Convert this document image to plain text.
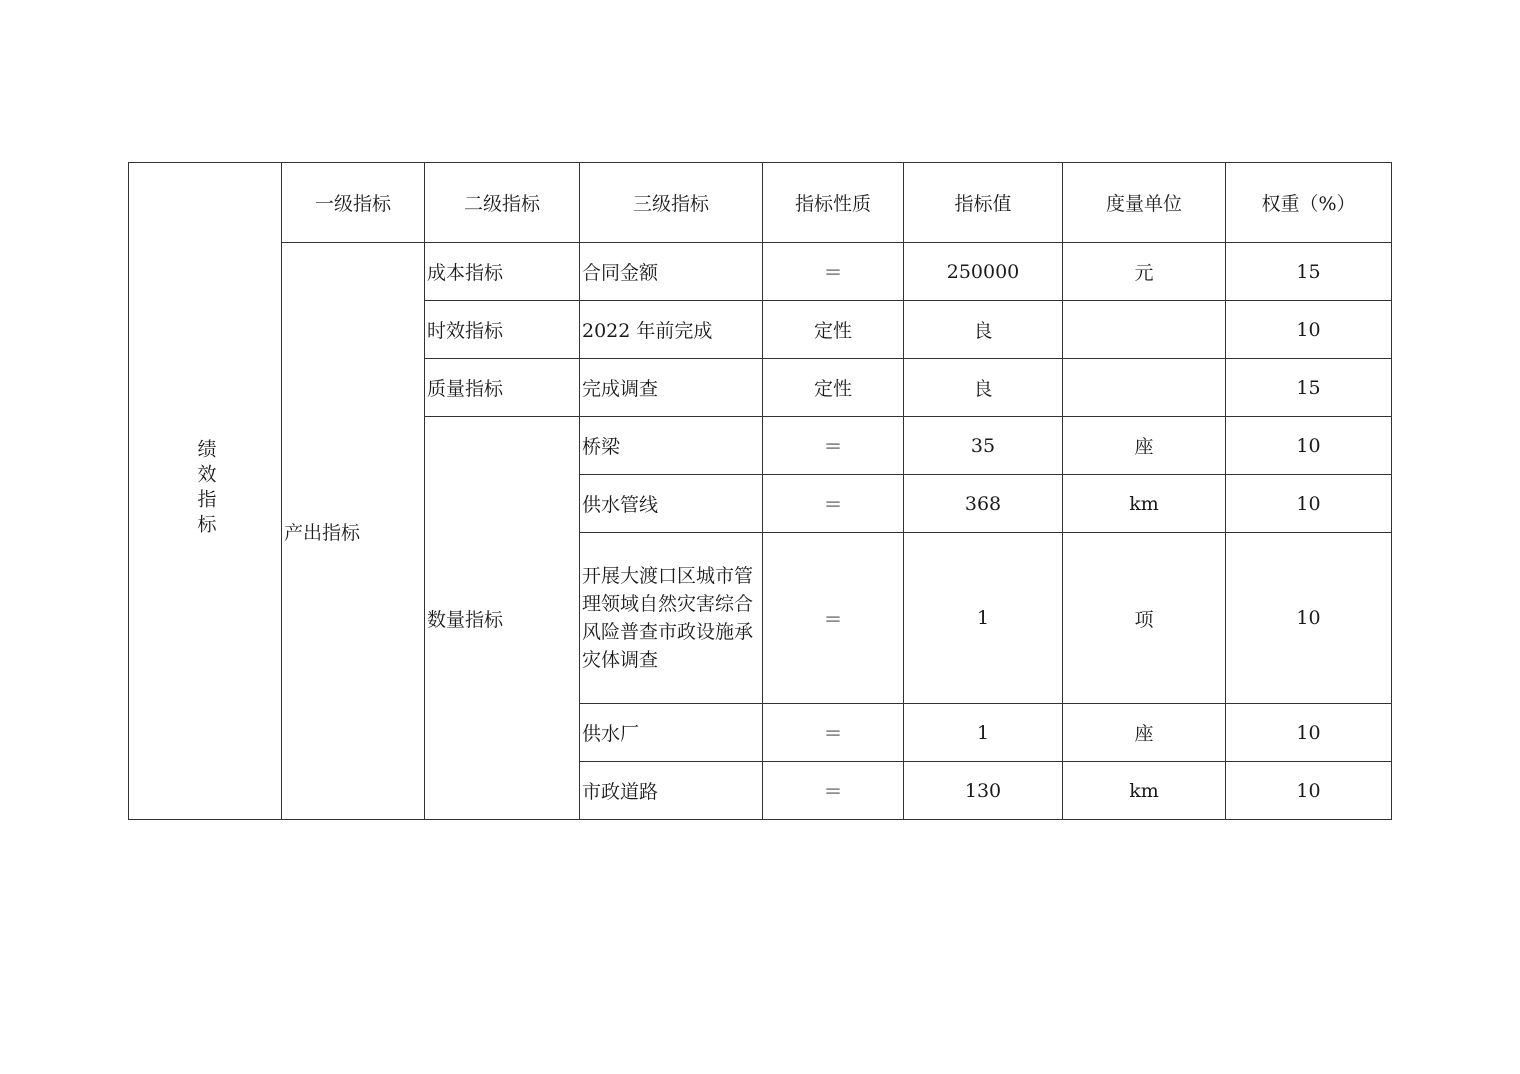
绩效指标	一级指标	二级指标	三级指标	指标性质	指标值	度量单位	权重（%）
	产出指标	成本指标	合同金额	＝	250000	元	15
		时效指标	2022 年前完成	定性	良		10
		质量指标	完成调查	定性	良		15
		数量指标	桥梁	＝	35	座	10
			供水管线	＝	368	km	10
			开展大渡口区城市管理领域自然灾害综合风险普查市政设施承灾体调查	＝	1	项	10
			供水厂	＝	1	座	10
			市政道路	＝	130	km	10
